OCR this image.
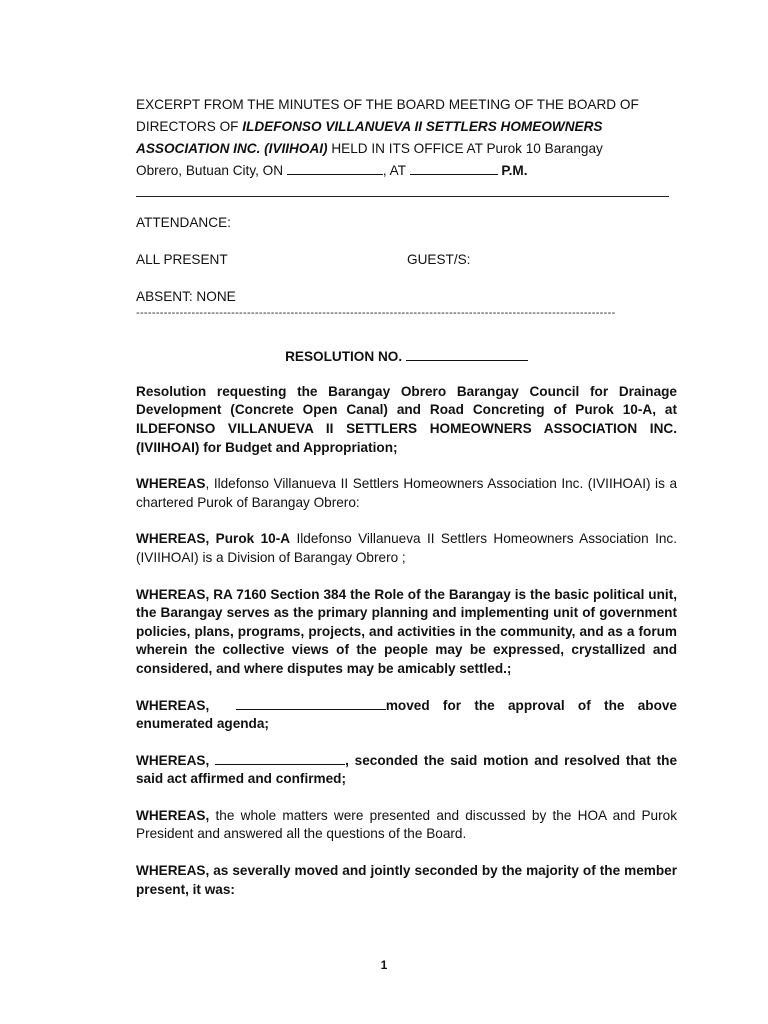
EXCERPT FROM THE MINUTES OF THE BOARD MEETING OF THE BOARD OF
DIRECTORS OF ILDEFONSO VILLANUEVA II SETTLERS HOMEOWNERS
ASSOCIATION INC. (IVIIHOAI) HELD IN ITS OFFICE AT Purok 10 Barangay
Obrero, Butuan City, ON	, AT	P.M.

ATTENDANCE:

ALL PRESENT	GUEST/S:

ABSENT: NONE

-------------------------------------------------------------------------------------------------------------------------

RESOLUTION NO.

Resolution requesting the Barangay Obrero Barangay Council for Drainage Development (Concrete Open Canal) and Road Concreting of Purok 10-A, at ILDEFONSO VILLANUEVA II SETTLERS HOMEOWNERS ASSOCIATION INC. (IVIIHOAI) for Budget and Appropriation;

WHEREAS, Ildefonso Villanueva II Settlers Homeowners Association Inc. (IVIIHOAI) is a chartered Purok of Barangay Obrero:

WHEREAS, Purok 10-A Ildefonso Villanueva II Settlers Homeowners Association Inc. (IVIIHOAI) is a Division of Barangay Obrero ;

WHEREAS, RA 7160 Section 384 the Role of the Barangay is the basic political unit, the Barangay serves as the primary planning and implementing unit of government policies, plans, programs, projects, and activities in the community, and as a forum wherein the collective views of the people may be expressed, crystallized and considered, and where disputes may be amicably settled.;

WHEREAS,	moved for the approval of the above enumerated agenda;

WHEREAS,	, seconded the said motion and resolved that the said act affirmed and confirmed;

WHEREAS, the whole matters were presented and discussed by the HOA and Purok President and answered all the questions of the Board.

WHEREAS, as severally moved and jointly seconded by the majority of the member present, it was:

1
